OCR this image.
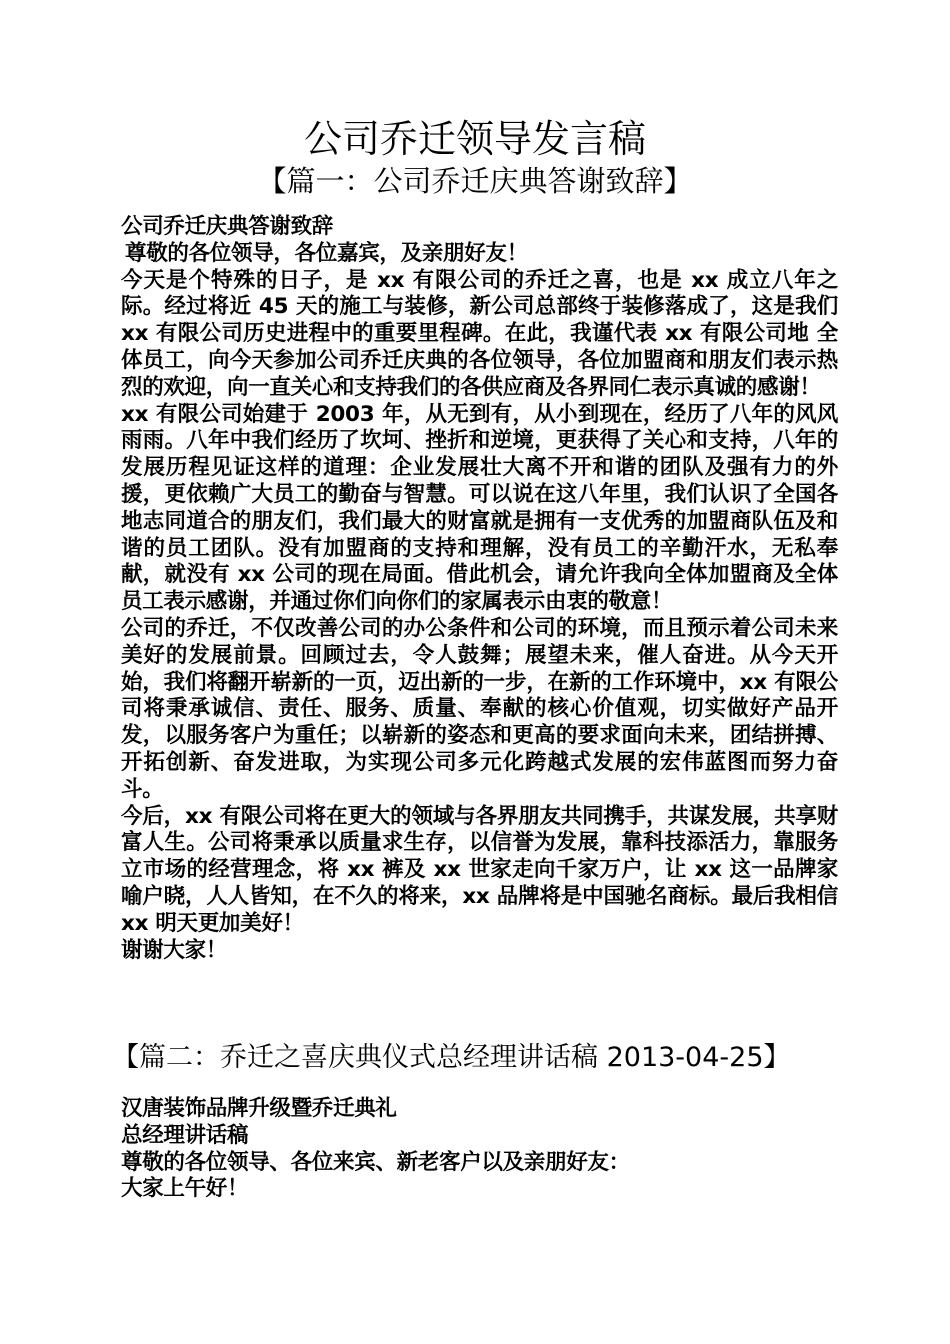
公司乔迁领导发言稿
【篇一：公司乔迁庆典答谢致辞】

公司乔迁庆典答谢致辞

尊敬的各位领导，各位嘉宾，及亲朋好友！

今天是个特殊的日子，是 xx 有限公司的乔迁之喜，也是 xx 成立八年之际。经过将近 45 天的施工与装修，新公司总部终于装修落成了，这是我们 xx 有限公司历史进程中的重要里程碑。在此，我谨代表 xx 有限公司地 全体员工，向今天参加公司乔迁庆典的各位领导，各位加盟商和朋友们表示热烈的欢迎，向一直关心和支持我们的各供应商及各界同仁表示真诚的感谢！

xx 有限公司始建于 2003 年，从无到有，从小到现在，经历了八年的风风雨雨。八年中我们经历了坎坷、挫折和逆境，更获得了关心和支持，八年的发展历程见证这样的道理：企业发展壮大离不开和谐的团队及强有力的外援，更依赖广大员工的勤奋与智慧。可以说在这八年里，我们认识了全国各地志同道合的朋友们，我们最大的财富就是拥有一支优秀的加盟商队伍及和谐的员工团队。没有加盟商的支持和理解，没有员工的辛勤汗水，无私奉献，就没有 xx 公司的现在局面。借此机会，请允许我向全体加盟商及全体员工表示感谢，并通过你们向你们的家属表示由衷的敬意！

公司的乔迁，不仅改善公司的办公条件和公司的环境，而且预示着公司未来美好的发展前景。回顾过去，令人鼓舞；展望未来，催人奋进。从今天开始，我们将翻开崭新的一页，迈出新的一步，在新的工作环境中，xx 有限公司将秉承诚信、责任、服务、质量、奉献的核心价值观，切实做好产品开发，以服务客户为重任；以崭新的姿态和更高的要求面向未来，团结拼搏、开拓创新、奋发进取，为实现公司多元化跨越式发展的宏伟蓝图而努力奋斗。

今后，xx 有限公司将在更大的领域与各界朋友共同携手，共谋发展，共享财富人生。公司将秉承以质量求生存，以信誉为发展，靠科技添活力，靠服务立市场的经营理念，将 xx 裤及 xx 世家走向千家万户，让 xx 这一品牌家喻户晓，人人皆知，在不久的将来，xx 品牌将是中国驰名商标。最后我相信 xx 明天更加美好！

谢谢大家！

【篇二：乔迁之喜庆典仪式总经理讲话稿 2013-04-25】

汉唐装饰品牌升级暨乔迁典礼

总经理讲话稿

尊敬的各位领导、各位来宾、新老客户以及亲朋好友：

大家上午好！
